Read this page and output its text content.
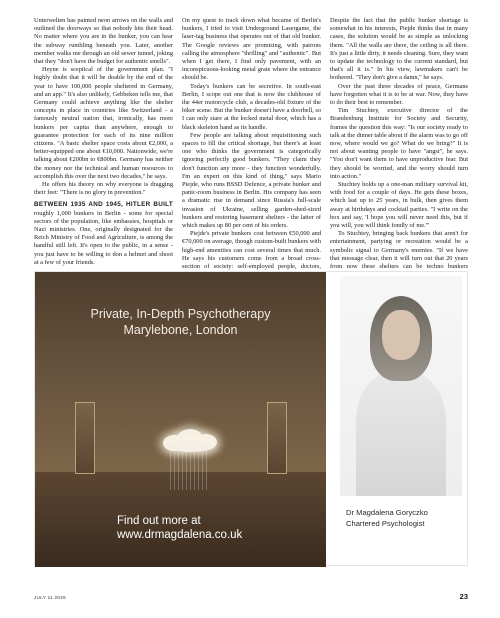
Unterwelten has painted neon arrows on the walls and outlined the doorways so that nobody hits their head. No matter where you are in the bunker, you can hear the subway rumbling beneath you. Later, another member walks me through an old sewer tunnel, joking that they "don't have the budget for authentic smells".

Heyne is sceptical of the government plan. "I highly doubt that it will be doable by the end of the year to have 100,000 people sheltered in Germany, and an app." It's also unlikely, Gebbeken tells me, that Germany could achieve anything like the shelter concepts in place in countries like Switzerland - a famously neutral nation that, ironically, has more bunkers per capita than anywhere, enough to guarantee protection for each of its nine million citizens. "A basic shelter space costs about €2,000, a better-equipped one about €10,000. Nationwide, we're talking about €200bn to €800bn. Germany has neither the money nor the technical and human resources to accomplish this over the next two decades," he says.

He offers his theory on why everyone is dragging their feet: "There is no glory in prevention."

BETWEEN 1935 AND 1945, HITLER BUILT roughly 1,000 bunkers in Berlin - some for special sectors of the population, like embassies, hospitals or Nazi ministries. One, originally designated for the Reich Ministry of Food and Agriculture, is among the handful still left. It's open to the public, in a sense - you just have to be willing to don a helmet and shoot at a few of your friends.

On my quest to track down what became of Berlin's bunkers, I tried to visit Underground Lasergame, the laser-tag business that operates out of that old bunker. The Google reviews are promising, with patrons calling the atmosphere "thrilling" and "authentic". But when I get there, I find only pavement, with an inconspicuous-looking metal grate where the entrance should be.

Today's bunkers can be secretive. In south-east Berlin, I scope out one that is now the clubhouse of the 44er motorcycle club, a decades-old fixture of the biker scene. But the bunker doesn't have a doorbell, so I can only stare at the locked metal door, which has a black skeleton hand as its handle.

Few people are talking about requisitioning such spaces to fill the critical shortage, but there's at least one who thinks the government is categorically ignoring perfectly good bunkers. "They claim they don't function any more - they function wonderfully. I'm an expert on this kind of thing," says Mario Piejde, who runs BSSD Defence, a private bunker and panic-room business in Berlin. His company has seen a dramatic rise in demand since Russia's full-scale invasion of Ukraine, selling garden-shed-sized bunkers and restoring basement shelters - the latter of which makes up 80 per cent of his orders.

Piejde's private bunkers cost between €50,000 and €70,000 on average, though custom-built bunkers with high-end amenities can cost several times that much. He says his customers come from a broad cross-section of society: self-employed people, doctors,

Despite the fact that the public bunker shortage is somewhat in his interests, Piejde thinks that in many cases, the solution would be as simple as unlocking them. "All the walls are there, the ceiling is all there. It's just a little dirty, it needs cleaning. Sure, they want to update the technology to the current standard, but that's all it is." In his view, lawmakers can't be bothered. "They don't give a damn," he says.

Over the past three decades of peace, Germans have forgotten what it is to be at war. Now, they have to do their best to remember.

Tim Stuchtey, executive director of the Brandenburg Institute for Society and Security, frames the question this way: "Is our society ready to talk at the dinner table about if the alarm was to go off now, where would we go? What do we bring?" It is not about wanting people to have "angst", he says. "You don't want them to have unproductive fear. But they should be worried, and the worry should turn into action."

Stuchtey holds up a one-man military survival kit, with food for a couple of days. He gets these boxes, which last up to 25 years, in bulk, then gives them away at birthdays and cocktail parties. "I write on the box and say, 'I hope you will never need this, but if you will, you will think fondly of me.'"

To Stuchtey, bringing back bunkers that aren't for entertainment, partying or recreation would be a symbolic signal to Germany's enemies. "If we have that message clear, then it will turn out that 20 years from now these shelters can be techno bunkers

Private, In-Depth Psychotherapy
Marylebone, London
Find out more at
www.drmagdalena.co.uk
Dr Magdalena Goryczko
Chartered Psychologist
JULY 11 2026	23
